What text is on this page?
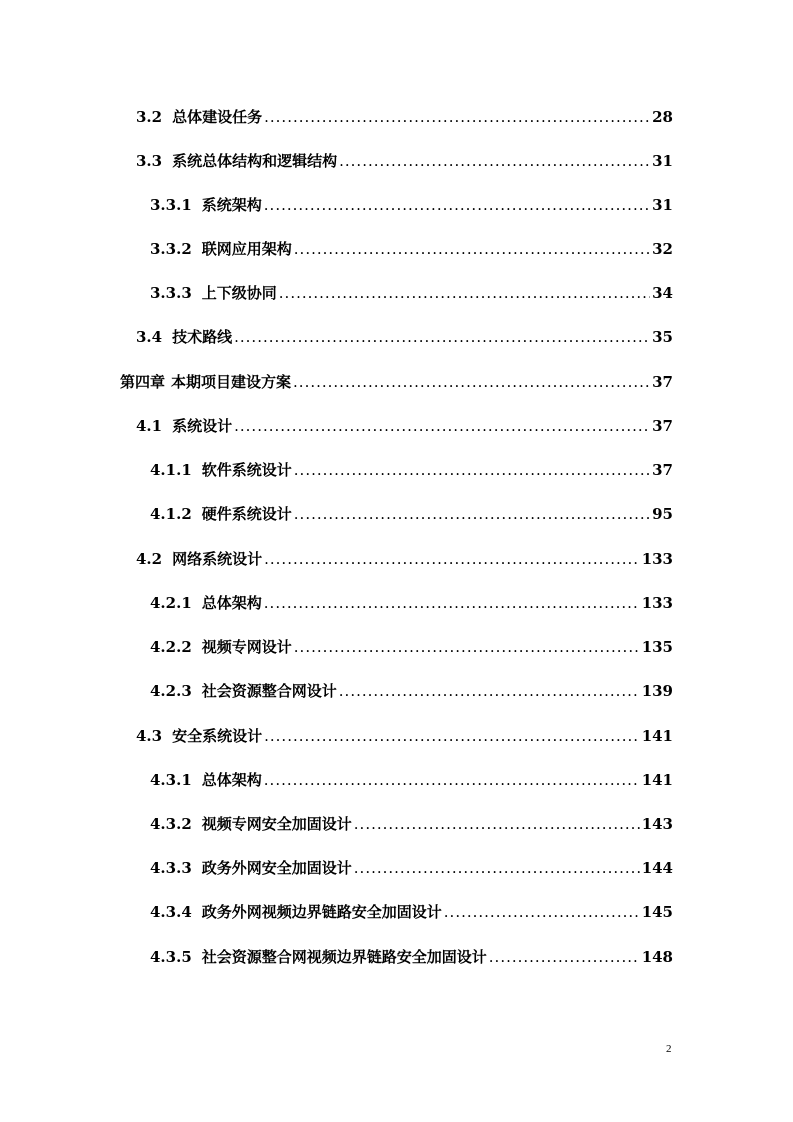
3.2 总体建设任务 .....	28
3.3 系统总体结构和逻辑结构 .....	31
3.3.1 系统架构 .....	31
3.3.2 联网应用架构 .....	32
3.3.3 上下级协同 .....	34
3.4 技术路线 .....	35
第四章 本期项目建设方案 .....	37
4.1 系统设计 .....	37
4.1.1 软件系统设计 .....	37
4.1.2 硬件系统设计 .....	95
4.2 网络系统设计 .....	133
4.2.1 总体架构 .....	133
4.2.2 视频专网设计 .....	135
4.2.3 社会资源整合网设计 .....	139
4.3 安全系统设计 .....	141
4.3.1 总体架构 .....	141
4.3.2 视频专网安全加固设计 .....	143
4.3.3 政务外网安全加固设计 .....	144
4.3.4 政务外网视频边界链路安全加固设计 .....	145
4.3.5 社会资源整合网视频边界链路安全加固设计 .....	148
2
